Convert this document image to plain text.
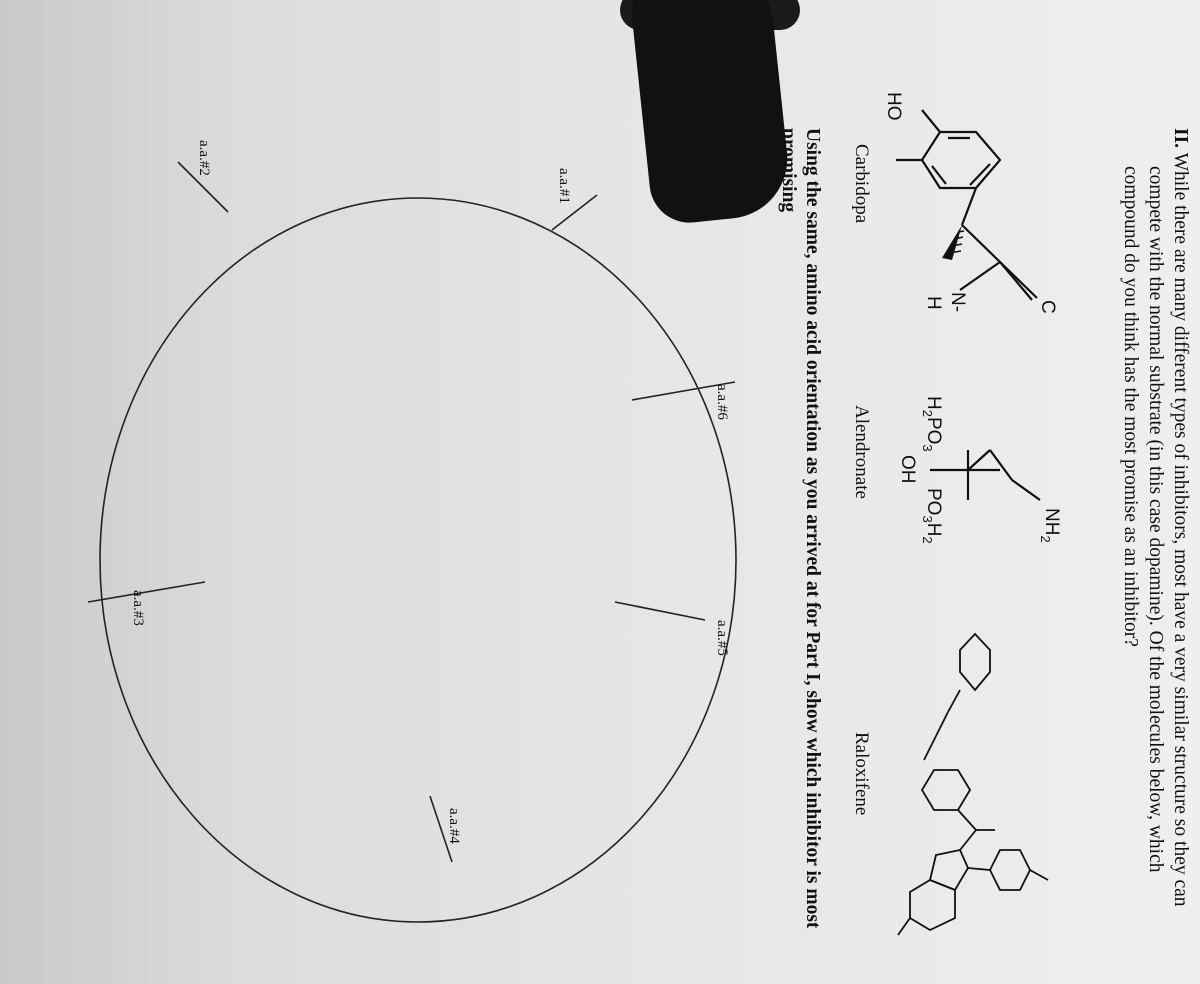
II. While there are many different types of inhibitors, most have a very similar structure so they can
compete with the normal substrate (in this case dopamine). Of the molecules below, which
compound do you think has the most promise as an inhibitor?
Carbidopa
Alendronate
Raloxifene
Using the same, amino acid orientation as you arrived at for Part I, show which inhibitor is most
promising
HO
C
N-
H
$NH_2$
$H_2PO_3$
$PO_3H_2$
OH
a.a.#1
a.a.#2
a.a.#3
a.a.#4
a.a.#5
a.a.#6
